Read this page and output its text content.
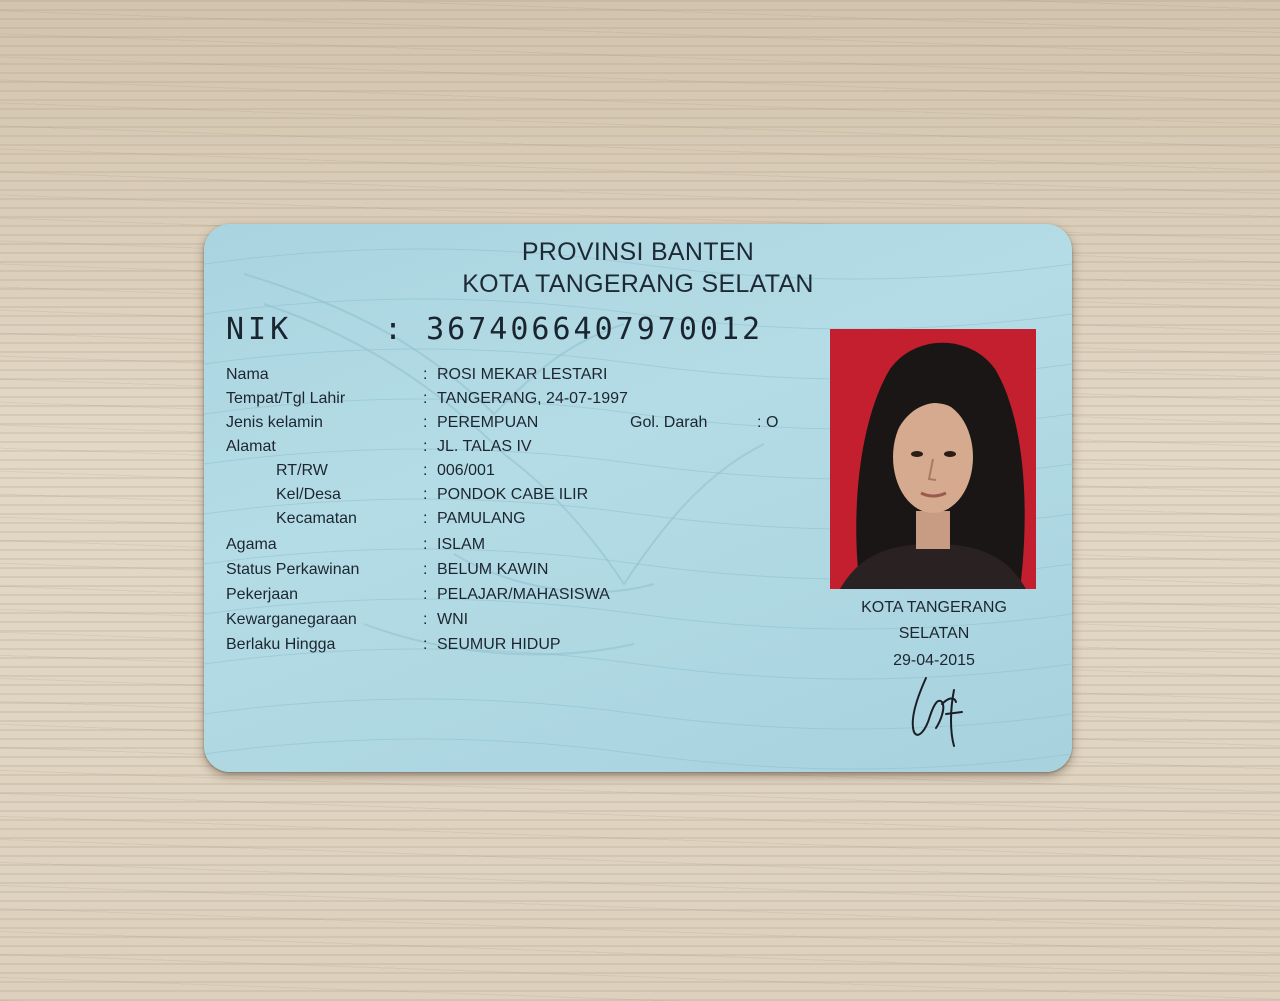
PROVINSI BANTEN
KOTA TANGERANG SELATAN
NIK	: 3674066407970012
Nama	: ROSI MEKAR LESTARI
Tempat/Tgl Lahir	: TANGERANG, 24-07-1997
Jenis kelamin	: PEREMPUAN	Gol. Darah	: O
Alamat	: JL. TALAS IV
RT/RW	: 006/001
Kel/Desa	: PONDOK CABE ILIR
Kecamatan	: PAMULANG
Agama	: ISLAM
Status Perkawinan	: BELUM KAWIN
Pekerjaan	: PELAJAR/MAHASISWA
Kewarganegaraan	: WNI
Berlaku Hingga	: SEUMUR HIDUP
KOTA TANGERANG
SELATAN
29-04-2015
